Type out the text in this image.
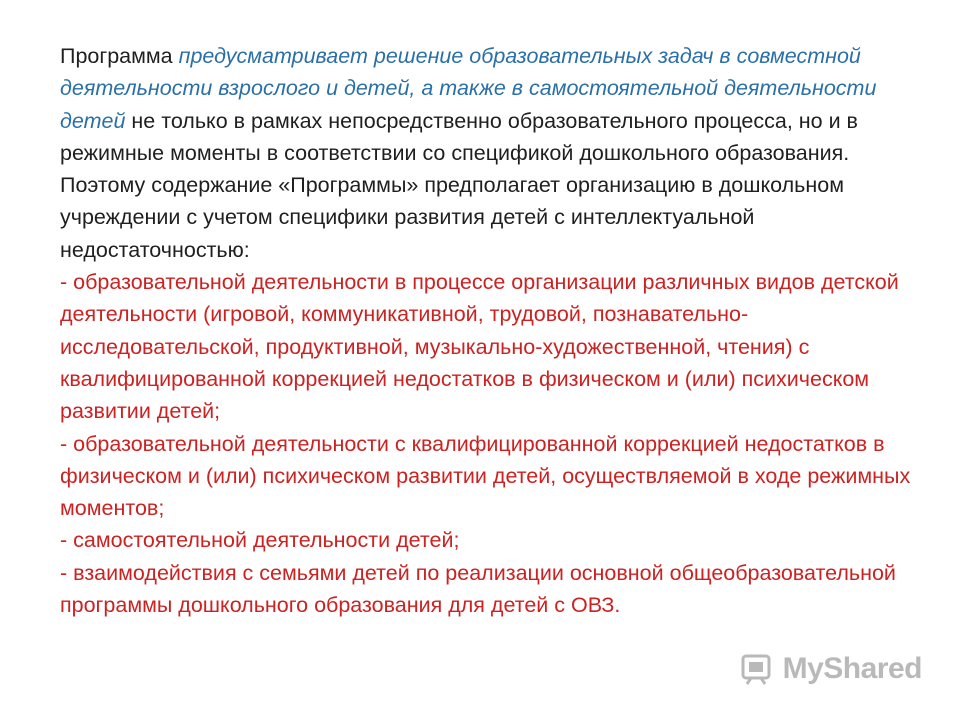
Программа предусматривает решение образовательных задач в совместной деятельности взрослого и детей, а также в самостоятельной деятельности детей не только в рамках непосредственно образовательного процесса, но и в режимные моменты в соответствии со спецификой дошкольного образования. Поэтому содержание «Программы» предполагает организацию в дошкольном учреждении с учетом специфики развития детей с интеллектуальной недостаточностью:

- образовательной деятельности в процессе организации различных видов детской деятельности (игровой, коммуникативной, трудовой, познавательно-исследовательской, продуктивной, музыкально-художественной, чтения) с квалифицированной коррекцией недостатков в физическом и (или) психическом развитии детей;

- образовательной деятельности с квалифицированной коррекцией недостатков в физическом и (или) психическом развитии детей, осуществляемой в ходе режимных моментов;

- самостоятельной деятельности детей;

- взаимодействия с семьями детей по реализации основной общеобразовательной программы дошкольного образования для детей с ОВЗ.

MyShared
